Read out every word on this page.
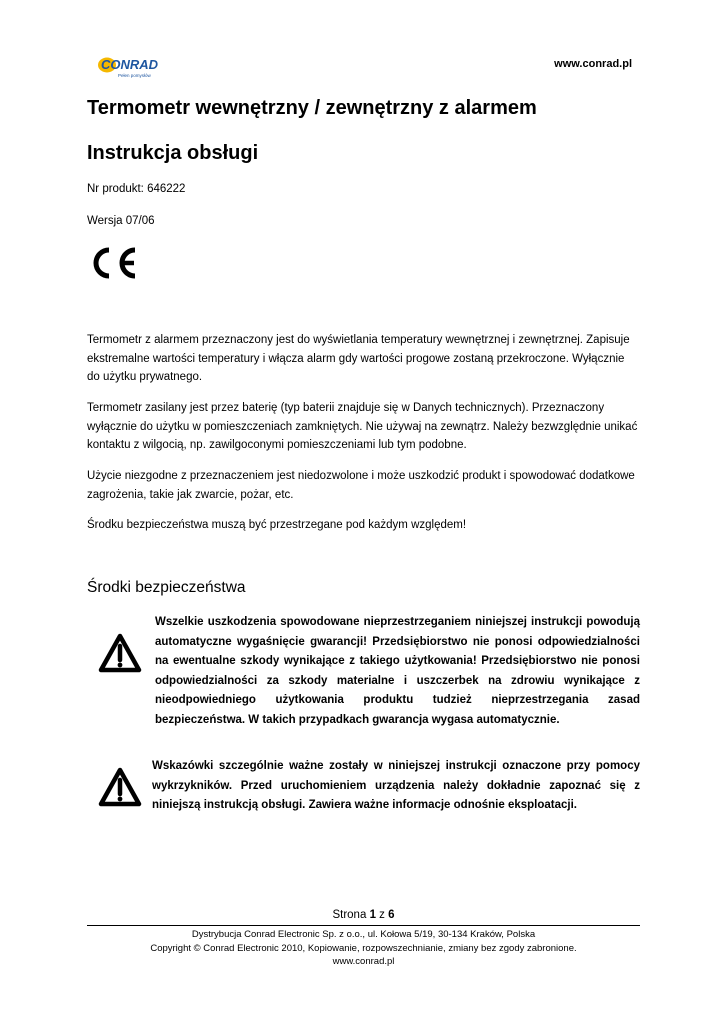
CONRAD
Pełen pomysłów
www.conrad.pl
Termometr wewnętrzny / zewnętrzny z alarmem
Instrukcja obsługi
Nr produkt: 646222
Wersja 07/06

Termometr z alarmem przeznaczony jest do wyświetlania temperatury wewnętrznej i zewnętrznej. Zapisuje ekstremalne wartości temperatury i włącza alarm gdy wartości progowe zostaną przekroczone. Wyłącznie do użytku prywatnego.

Termometr zasilany jest przez baterię (typ baterii znajduje się w Danych technicznych). Przeznaczony wyłącznie do użytku w pomieszczeniach zamkniętych. Nie używaj na zewnątrz. Należy bezwzględnie unikać kontaktu z wilgocią, np. zawilgoconymi pomieszczeniami lub tym podobne.

Użycie niezgodne z przeznaczeniem jest niedozwolone i może uszkodzić produkt i spowodować dodatkowe zagrożenia, takie jak zwarcie, pożar, etc.

Środku bezpieczeństwa muszą być przestrzegane pod każdym względem!

Środki bezpieczeństwa
Wszelkie uszkodzenia spowodowane nieprzestrzeganiem niniejszej instrukcji powodują automatyczne wygaśnięcie gwarancji! Przedsiębiorstwo nie ponosi odpowiedzialności na ewentualne szkody wynikające z takiego użytkowania! Przedsiębiorstwo nie ponosi odpowiedzialności za szkody materialne i uszczerbek na zdrowiu wynikające z nieodpowiedniego użytkowania produktu tudzież nieprzestrzegania zasad bezpieczeństwa. W takich przypadkach gwarancja wygasa automatycznie.
Wskazówki szczególnie ważne zostały w niniejszej instrukcji oznaczone przy pomocy wykrzykników. Przed uruchomieniem urządzenia należy dokładnie zapoznać się z niniejszą instrukcją obsługi. Zawiera ważne informacje odnośnie eksploatacji.
Strona 1 z 6
Dystrybucja Conrad Electronic Sp. z o.o., ul. Kołowa 5/19, 30-134 Kraków, Polska
Copyright © Conrad Electronic 2010, Kopiowanie, rozpowszechnianie, zmiany bez zgody zabronione.
www.conrad.pl
